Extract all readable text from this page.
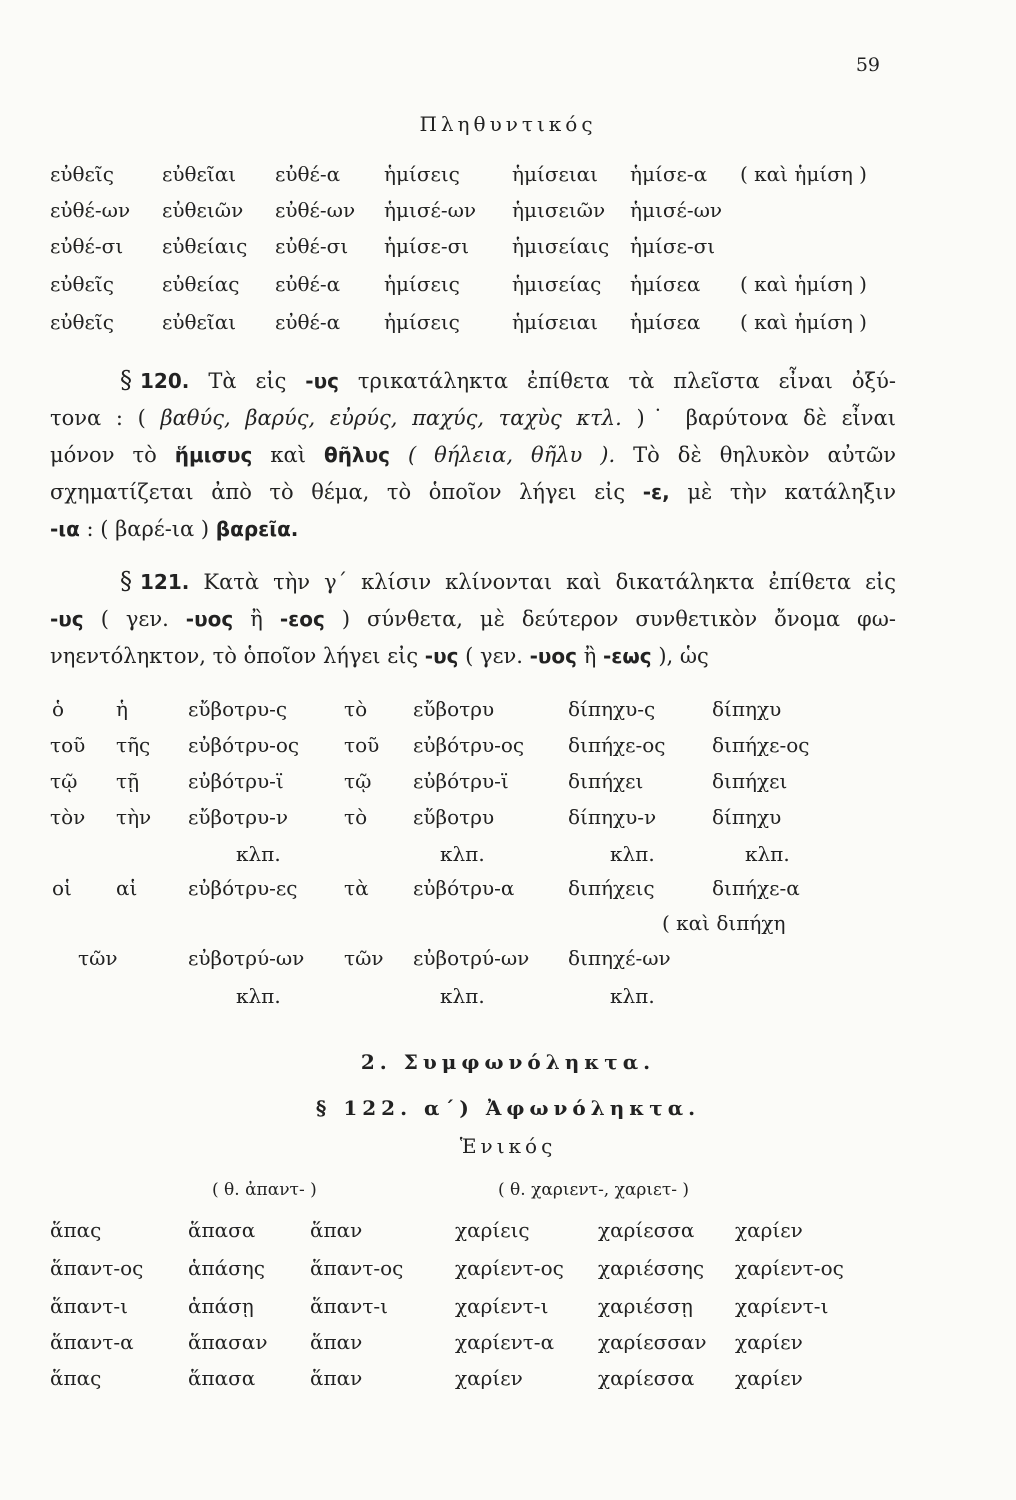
59
Πληθυντικός
εὐθεῖς εὐθεῖαι εὐθέ-α ἡμίσεις	ἡμίσειαι ἡμίσε-α ( καὶ ἡμίση )
εὐθέ-ων εὐθειῶν εὐθέ-ων ἡμισέ-ων ἡμισειῶν ἡμισέ-ων
εὐθέ-σι εὐθείαις εὐθέ-σι ἡμίσε-σι ἡμισείαις ἡμίσε-σι
εὐθεῖς εὐθείας εὐθέ-α ἡμίσεις	ἡμισείας ἡμίσεα ( καὶ ἡμίση )
εὐθεῖς εὐθεῖαι εὐθέ-α ἡμίσεις	ἡμίσειαι ἡμίσεα ( καὶ ἡμίση )
§ 120. Τὰ εἰς -υς τρικατάληκτα ἐπίθετα τὰ πλεῖστα εἶναι ὀξύ-
τονα : ( βαθύς, βαρύς, εὐρύς, παχύς, ταχὺς κτλ. )˙ βαρύτονα δὲ εἶναι
μόνον τὸ ἥμισυς καὶ θῆλυς ( θήλεια, θῆλυ ). Τὸ δὲ θηλυκὸν αὐτῶν
σχηματίζεται ἀπὸ τὸ θέμα, τὸ ὁποῖον λήγει εἰς -ε, μὲ τὴν κατάληξιν
-ια : ( βαρέ-ια ) βαρεῖα.
§ 121. Κατὰ τὴν γ΄ κλίσιν κλίνονται καὶ δικατάληκτα ἐπίθετα εἰς
-υς ( γεν. -υος ἢ -εος ) σύνθετα, μὲ δεύτερον συνθετικὸν ὄνομα φω-
νηεντόληκτον, τὸ ὁποῖον λήγει εἰς -υς ( γεν. -υος ἢ -εως ), ὡς
ὁ	ἡ	εὔβοτρυ-ς	τὸ εὔβοτρυ	δίπηχυ-ς	δίπηχυ
τοῦ τῆς εὐβότρυ-ος τοῦ εὐβότρυ-ος διπήχε-ος διπήχε-ος
τῷ τῇ εὐβότρυ-ϊ	τῷ εὐβότρυ-ϊ	διπήχει	διπήχει
τὸν τὴν εὔβοτρυ-ν	τὸ εὔβοτρυ	δίπηχυ-ν	δίπηχυ
κλπ.	κλπ.	κλπ.	κλπ.
οἱ αἱ	εὐβότρυ-ες τὰ εὐβότρυ-α	διπήχεις	διπήχε-α
( καὶ διπήχη
τῶν	εὐβοτρύ-ων τῶν εὐβοτρύ-ων διπηχέ-ων
κλπ.	κλπ.	κλπ.
2. Συμφωνόληκτα.
§ 122. α΄) Ἀφωνόληκτα.
Ἑνικός
( θ. ἀπαντ- )	( θ. χαριεντ-, χαριετ- )
ἅπας	ἅπασα	ἅπαν	χαρίεις	χαρίεσσα χαρίεν
ἅπαντ-ος ἁπάσης ἅπαντ-ος	χαρίεντ-ος χαριέσσης χαρίεντ-ος
ἅπαντ-ι	ἁπάσῃ	ἅπαντ-ι	χαρίεντ-ι χαριέσσῃ χαρίεντ-ι
ἅπαντ-α	ἅπασαν ἅπαν	χαρίεντ-α χαρίεσσαν χαρίεν
ἅπας	ἅπασα	ἅπαν	χαρίεν	χαρίεσσα χαρίεν
